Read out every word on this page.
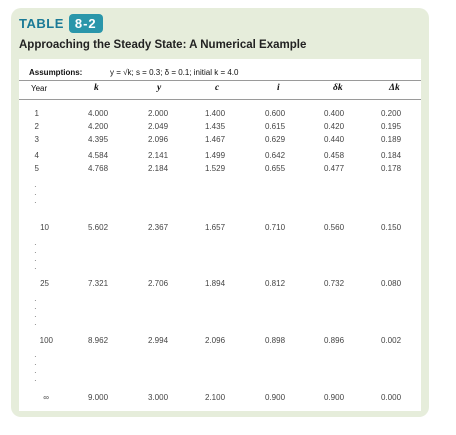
TABLE 8-2
Approaching the Steady State: A Numerical Example
Assumptions:	y = √k; s = 0.3; δ = 0.1; initial k = 4.0
Year	k	y	c	i	δk	Δk
1	4.000	2.000	1.400	0.600	0.400	0.200
2	4.200	2.049	1.435	0.615	0.420	0.195
3	4.395	2.096	1.467	0.629	0.440	0.189
4	4.584	2.141	1.499	0.642	0.458	0.184
5	4.768	2.184	1.529	0.655	0.477	0.178
·
·
·
10	5.602	2.367	1.657	0.710	0.560	0.150
·
·
·
·
25	7.321	2.706	1.894	0.812	0.732	0.080
·
·
·
·
100	8.962	2.994	2.096	0.898	0.896	0.002
·
·
·
·
∞	9.000	3.000	2.100	0.900	0.900	0.000
